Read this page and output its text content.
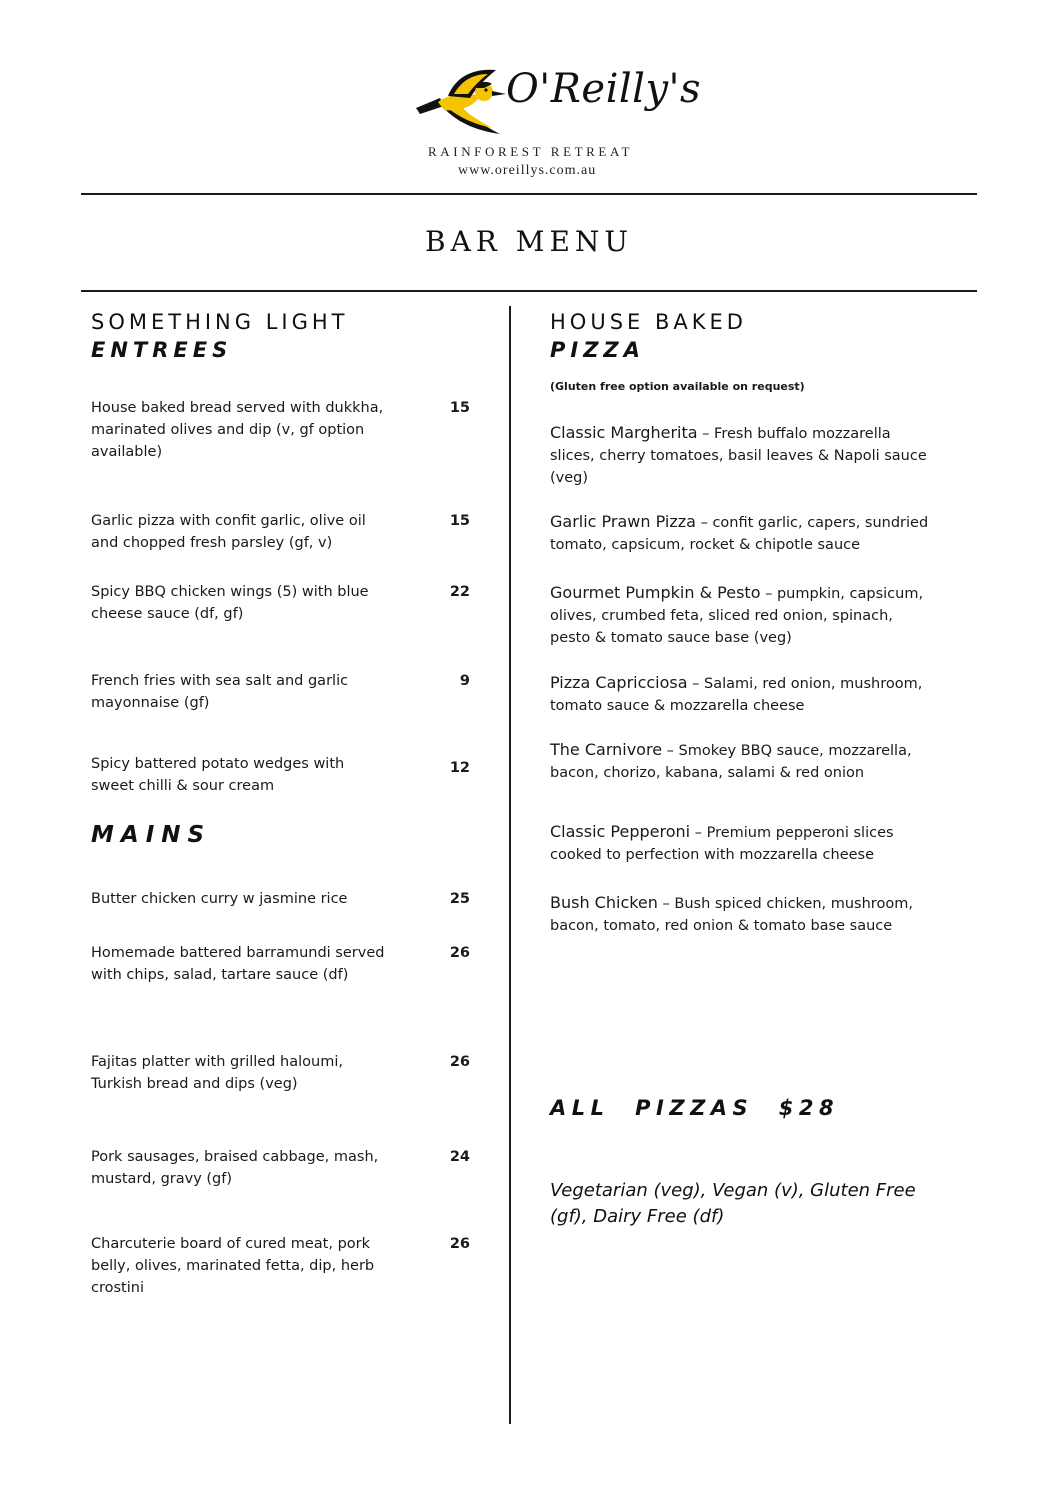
O'Reilly's
RAINFOREST RETREAT
www.oreillys.com.au
BAR MENU
SOMETHING LIGHT
ENTREES
House baked bread served with dukkha, marinated olives and dip (v, gf option available)
15
Garlic pizza with confit garlic, olive oil and chopped fresh parsley (gf, v)
15
Spicy BBQ chicken wings (5) with blue cheese sauce (df, gf)
22
French fries with sea salt and garlic mayonnaise (gf)
9
Spicy battered potato wedges with sweet chilli & sour cream
12
MAINS
Butter chicken curry w jasmine rice	25
Homemade battered barramundi served with chips, salad, tartare sauce (df)
26
Fajitas platter with grilled haloumi, Turkish bread and dips (veg)
26
Pork sausages, braised cabbage, mash, mustard, gravy (gf)
24
Charcuterie board of cured meat, pork belly, olives, marinated fetta, dip, herb crostini
26
HOUSE BAKED
PIZZA
(Gluten free option available on request)
Classic Margherita – Fresh buffalo mozzarella slices, cherry tomatoes, basil leaves & Napoli sauce (veg)
Garlic Prawn Pizza – confit garlic, capers, sundried tomato, capsicum, rocket & chipotle sauce
Gourmet Pumpkin & Pesto – pumpkin, capsicum, olives, crumbed feta, sliced red onion, spinach, pesto & tomato sauce base (veg)
Pizza Capricciosa – Salami, red onion, mushroom, tomato sauce & mozzarella cheese
The Carnivore – Smokey BBQ sauce, mozzarella, bacon, chorizo, kabana, salami & red onion
Classic Pepperoni – Premium pepperoni slices cooked to perfection with mozzarella cheese
Bush Chicken – Bush spiced chicken, mushroom, bacon, tomato, red onion & tomato base sauce
ALL  PIZZAS  $28
Vegetarian (veg), Vegan (v), Gluten Free (gf), Dairy Free (df)
